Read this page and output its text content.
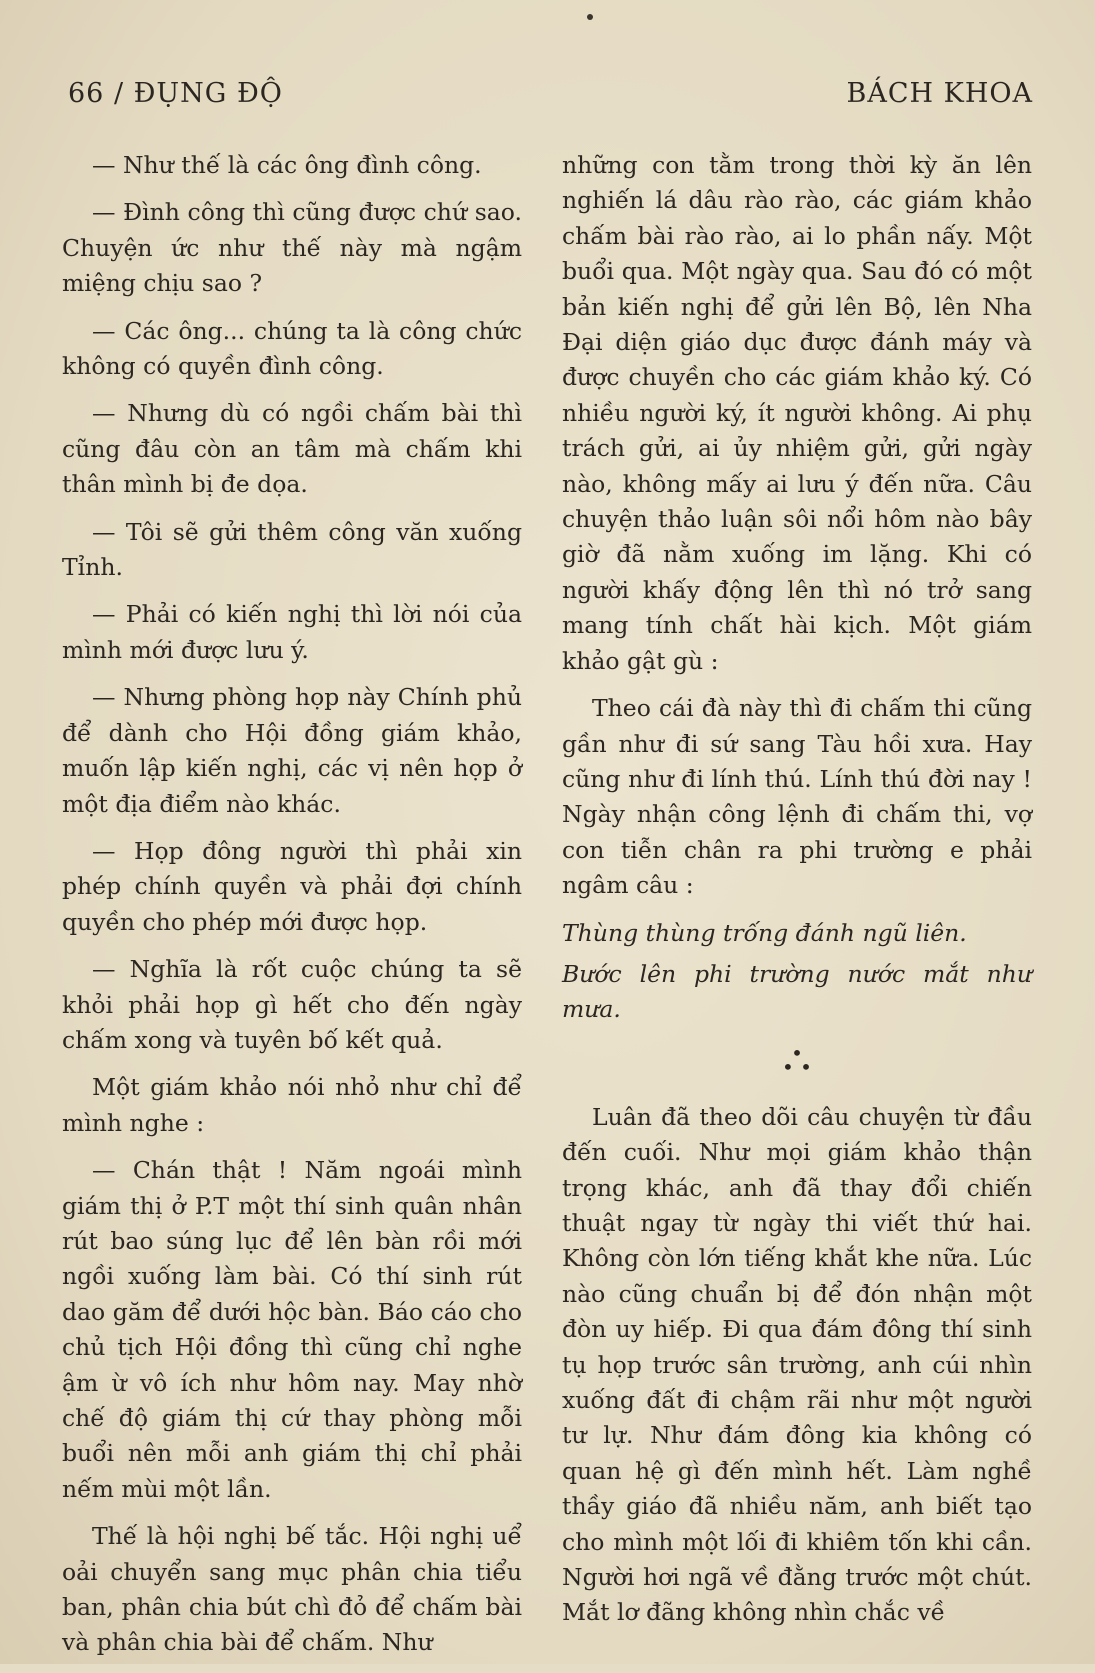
66 / ĐỤNG ĐỘ	BÁCH KHOA

— Như thế là các ông đình công.

— Đình công thì cũng được chứ sao. Chuyện ức như thế này mà ngậm miệng chịu sao ?

— Các ông... chúng ta là công chức không có quyền đình công.

— Nhưng dù có ngồi chấm bài thì cũng đâu còn an tâm mà chấm khi thân mình bị đe dọa.

— Tôi sẽ gửi thêm công văn xuống Tỉnh.

— Phải có kiến nghị thì lời nói của mình mới được lưu ý.

— Nhưng phòng họp này Chính phủ để dành cho Hội đồng giám khảo, muốn lập kiến nghị, các vị nên họp ở một địa điểm nào khác.

— Họp đông người thì phải xin phép chính quyền và phải đợi chính quyền cho phép mới được họp.

— Nghĩa là rốt cuộc chúng ta sẽ khỏi phải họp gì hết cho đến ngày chấm xong và tuyên bố kết quả.

Một giám khảo nói nhỏ như chỉ để mình nghe :

— Chán thật ! Năm ngoái mình giám thị ở P.T một thí sinh quân nhân rút bao súng lục để lên bàn rồi mới ngồi xuống làm bài. Có thí sinh rút dao găm để dưới hộc bàn. Báo cáo cho chủ tịch Hội đồng thì cũng chỉ nghe ậm ừ vô ích như hôm nay. May nhờ chế độ giám thị cứ thay phòng mỗi buổi nên mỗi anh giám thị chỉ phải nếm mùi một lần.

Thế là hội nghị bế tắc. Hội nghị uể oải chuyển sang mục phân chia tiểu ban, phân chia bút chì đỏ để chấm bài và phân chia bài để chấm. Như

những con tằm trong thời kỳ ăn lên nghiến lá dâu rào rào, các giám khảo chấm bài rào rào, ai lo phần nấy. Một buổi qua. Một ngày qua. Sau đó có một bản kiến nghị để gửi lên Bộ, lên Nha Đại diện giáo dục được đánh máy và được chuyền cho các giám khảo ký. Có nhiều người ký, ít người không. Ai phụ trách gửi, ai ủy nhiệm gửi, gửi ngày nào, không mấy ai lưu ý đến nữa. Câu chuyện thảo luận sôi nổi hôm nào bây giờ đã nằm xuống im lặng. Khi có người khấy động lên thì nó trở sang mang tính chất hài kịch. Một giám khảo gật gù :

Theo cái đà này thì đi chấm thi cũng gần như đi sứ sang Tàu hồi xưa. Hay cũng như đi lính thú. Lính thú đời nay ! Ngày nhận công lệnh đi chấm thi, vợ con tiễn chân ra phi trường e phải ngâm câu :

Thùng thùng trống đánh ngũ liên.

Bước lên phi trường nước mắt như mưa.

•
• •

Luân đã theo dõi câu chuyện từ đầu đến cuối. Như mọi giám khảo thận trọng khác, anh đã thay đổi chiến thuật ngay từ ngày thi viết thứ hai. Không còn lớn tiếng khắt khe nữa. Lúc nào cũng chuẩn bị để đón nhận một đòn uy hiếp. Đi qua đám đông thí sinh tụ họp trước sân trường, anh cúi nhìn xuống đất đi chậm rãi như một người tư lự. Như đám đông kia không có quan hệ gì đến mình hết. Làm nghề thầy giáo đã nhiều năm, anh biết tạo cho mình một lối đi khiêm tốn khi cần. Người hơi ngã về đằng trước một chút. Mắt lơ đãng không nhìn chắc về
